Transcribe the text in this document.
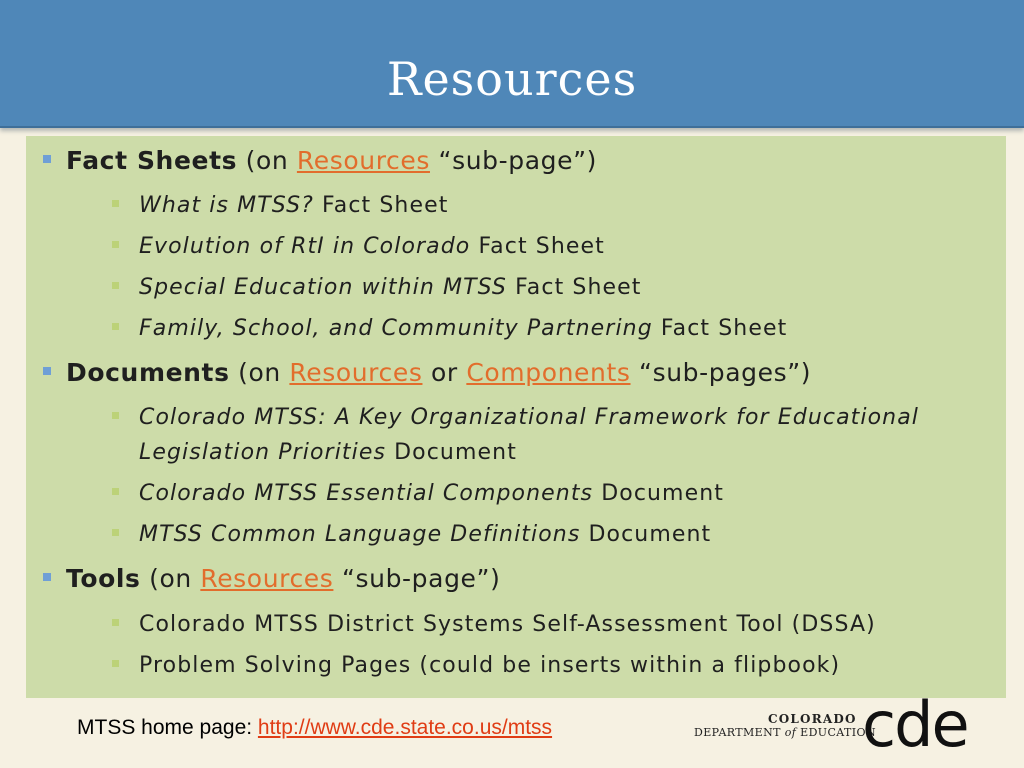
Resources
Fact Sheets (on Resources “sub-page”)
What is MTSS? Fact Sheet
Evolution of RtI in Colorado Fact Sheet
Special Education within MTSS Fact Sheet
Family, School, and Community Partnering Fact Sheet
Documents (on Resources or Components “sub-pages”)
Colorado MTSS: A Key Organizational Framework for Educational
Legislation Priorities Document
Colorado MTSS Essential Components Document
MTSS Common Language Definitions Document
Tools (on Resources “sub-page”)
Colorado MTSS District Systems Self-Assessment Tool (DSSA)
Problem Solving Pages (could be inserts within a flipbook)
MTSS home page: http://www.cde.state.co.us/mtss	COLORADO
DEPARTMENT of EDUCATION
cde
